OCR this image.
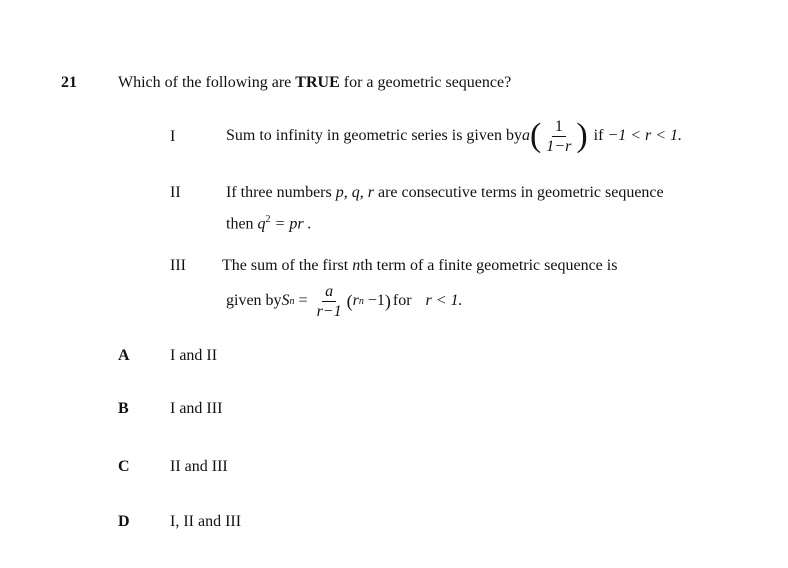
21	Which of the following are TRUE for a geometric sequence?
I	Sum to infinity in geometric series is given by a ( $\frac{1}{1-r}$ ) if −1 < r < 1.
II	If three numbers p, q, r are consecutive terms in geometric sequence
then $q^2$ = pr .
III The sum of the first nth term of a finite geometric sequence is
given by S $n = \frac{a}{r-1}$ ( r n −1 ) for r < 1.
A	I and II
B	I and III
C	II and III
D	I, II and III
